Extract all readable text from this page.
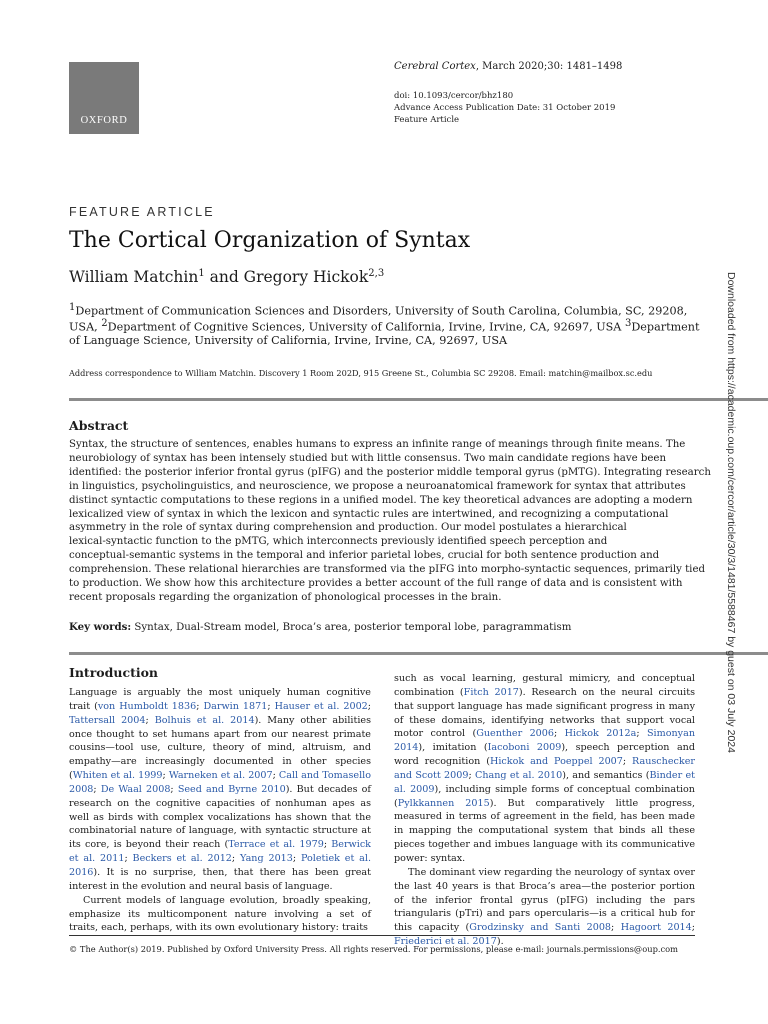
OXFORD
Cerebral Cortex, March 2020;30: 1481–1498
doi: 10.1093/cercor/bhz180
Advance Access Publication Date: 31 October 2019
Feature Article
FEATURE ARTICLE
The Cortical Organization of Syntax
William Matchin$^1$ and Gregory Hickok$^{2,3}$
$^1$Department of Communication Sciences and Disorders, University of South Carolina, Columbia, SC, 29208,
USA, $^2$Department of Cognitive Sciences, University of California, Irvine, Irvine, CA, 92697, USA $^3$Department
of Language Science, University of California, Irvine, Irvine, CA, 92697, USA
Address correspondence to William Matchin. Discovery 1 Room 202D, 915 Greene St., Columbia SC 29208. Email: matchin@mailbox.sc.edu
Abstract
Syntax, the structure of sentences, enables humans to express an infinite range of meanings through finite means. The
neurobiology of syntax has been intensely studied but with little consensus. Two main candidate regions have been
identified: the posterior inferior frontal gyrus (pIFG) and the posterior middle temporal gyrus (pMTG). Integrating research
in linguistics, psycholinguistics, and neuroscience, we propose a neuroanatomical framework for syntax that attributes
distinct syntactic computations to these regions in a unified model. The key theoretical advances are adopting a modern
lexicalized view of syntax in which the lexicon and syntactic rules are intertwined, and recognizing a computational
asymmetry in the role of syntax during comprehension and production. Our model postulates a hierarchical
lexical-syntactic function to the pMTG, which interconnects previously identified speech perception and
conceptual-semantic systems in the temporal and inferior parietal lobes, crucial for both sentence production and
comprehension. These relational hierarchies are transformed via the pIFG into morpho-syntactic sequences, primarily tied
to production. We show how this architecture provides a better account of the full range of data and is consistent with
recent proposals regarding the organization of phonological processes in the brain.
Key words: Syntax, Dual-Stream model, Broca’s area, posterior temporal lobe, paragrammatism
Introduction

Language is arguably the most uniquely human cognitive trait (von Humboldt 1836; Darwin 1871; Hauser et al. 2002; Tattersall 2004; Bolhuis et al. 2014). Many other abilities once thought to set humans apart from our nearest primate cousins—tool use, culture, theory of mind, altruism, and empathy—are increasingly documented in other species (Whiten et al. 1999; Warneken et al. 2007; Call and Tomasello 2008; De Waal 2008; Seed and Byrne 2010). But decades of research on the cognitive capacities of nonhuman apes as well as birds with complex vocalizations has shown that the combinatorial nature of language, with syntactic structure at its core, is beyond their reach (Terrace et al. 1979; Berwick et al. 2011; Beckers et al. 2012; Yang 2013; Poletiek et al. 2016). It is no surprise, then, that there has been great interest in the evolution and neural basis of language.

Current models of language evolution, broadly speaking, emphasize its multicomponent nature involving a set of traits, each, perhaps, with its own evolutionary history: traits

such as vocal learning, gestural mimicry, and conceptual combination (Fitch 2017). Research on the neural circuits that support language has made significant progress in many of these domains, identifying networks that support vocal motor control (Guenther 2006; Hickok 2012a; Simonyan 2014), imitation (Iacoboni 2009), speech perception and word recognition (Hickok and Poeppel 2007; Rauschecker and Scott 2009; Chang et al. 2010), and semantics (Binder et al. 2009), including simple forms of conceptual combination (Pylkkannen 2015). But comparatively little progress, measured in terms of agreement in the field, has been made in mapping the computational system that binds all these pieces together and imbues language with its communicative power: syntax.

The dominant view regarding the neurology of syntax over the last 40 years is that Broca’s area—the posterior portion of the inferior frontal gyrus (pIFG) including the pars triangularis (pTri) and pars opercularis—is a critical hub for this capacity (Grodzinsky and Santi 2008; Hagoort 2014; Friederici et al. 2017).

© The Author(s) 2019. Published by Oxford University Press. All rights reserved. For permissions, please e-mail: journals.permissions@oup.com
Downloaded from https://academic.oup.com/cercor/article/30/3/1481/5588467 by guest on 03 July 2024
